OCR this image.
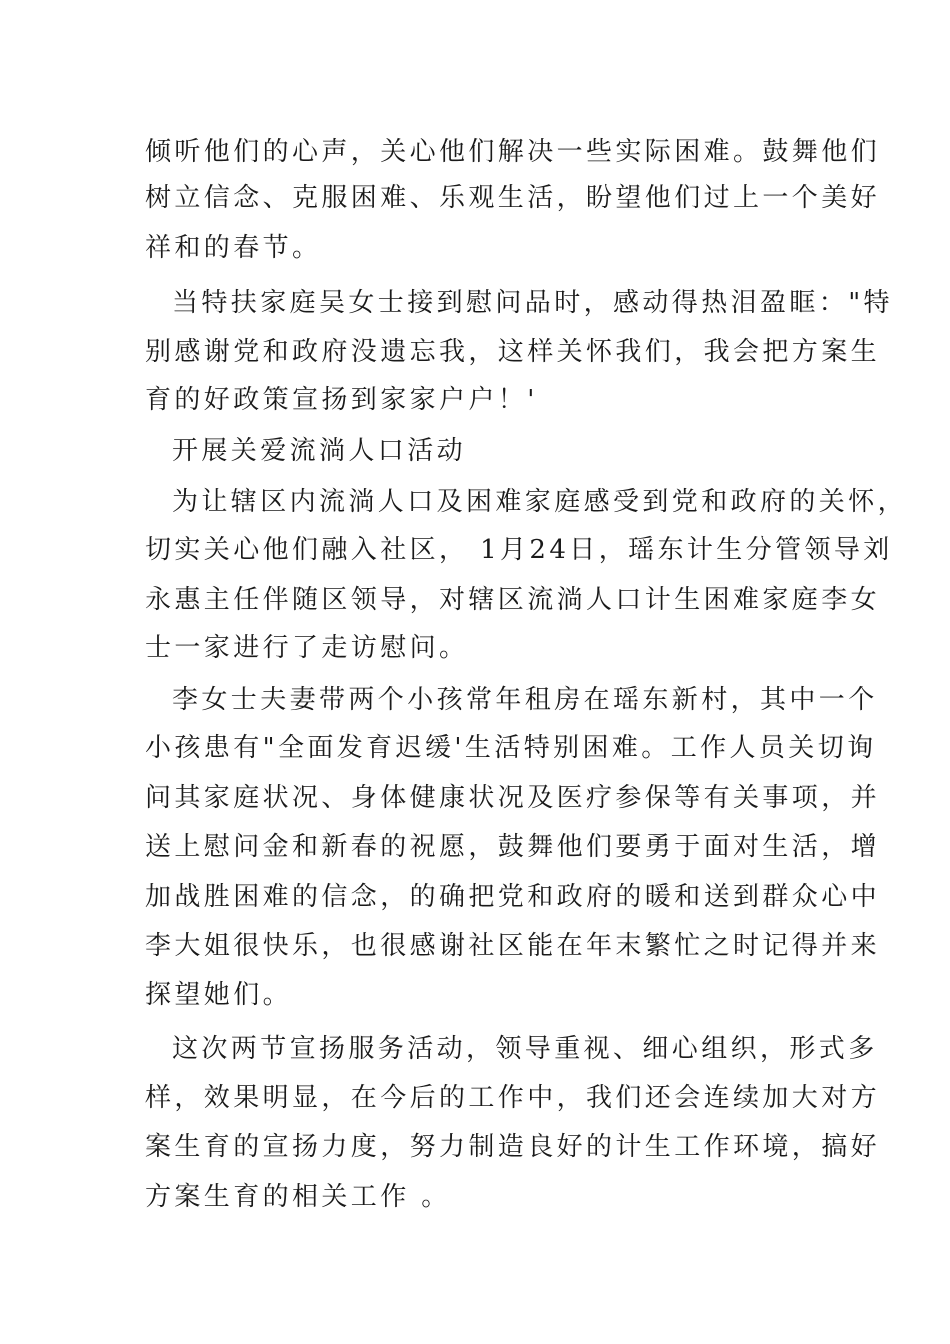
倾听他们的心声，关心他们解决一些实际困难。鼓舞他们
树立信念、克服困难、乐观生活，盼望他们过上一个美好
祥和的春节。
当特扶家庭吴女士接到慰问品时，感动得热泪盈眶："特
别感谢党和政府没遗忘我，这样关怀我们，我会把方案生
育的好政策宣扬到家家户户！'
开展关爱流淌人口活动
为让辖区内流淌人口及困难家庭感受到党和政府的关怀，
切实关心他们融入社区， 1月24日，瑶东计生分管领导刘
永惠主任伴随区领导，对辖区流淌人口计生困难家庭李女
士一家进行了走访慰问。
李女士夫妻带两个小孩常年租房在瑶东新村，其中一个
小孩患有"全面发育迟缓'生活特别困难。工作人员关切询
问其家庭状况、身体健康状况及医疗参保等有关事项，并
送上慰问金和新春的祝愿，鼓舞他们要勇于面对生活，增
加战胜困难的信念，的确把党和政府的暖和送到群众心中
李大姐很快乐，也很感谢社区能在年末繁忙之时记得并来
探望她们。
这次两节宣扬服务活动，领导重视、细心组织，形式多
样，效果明显，在今后的工作中，我们还会连续加大对方
案生育的宣扬力度，努力制造良好的计生工作环境，搞好
方案生育的相关工作 。
